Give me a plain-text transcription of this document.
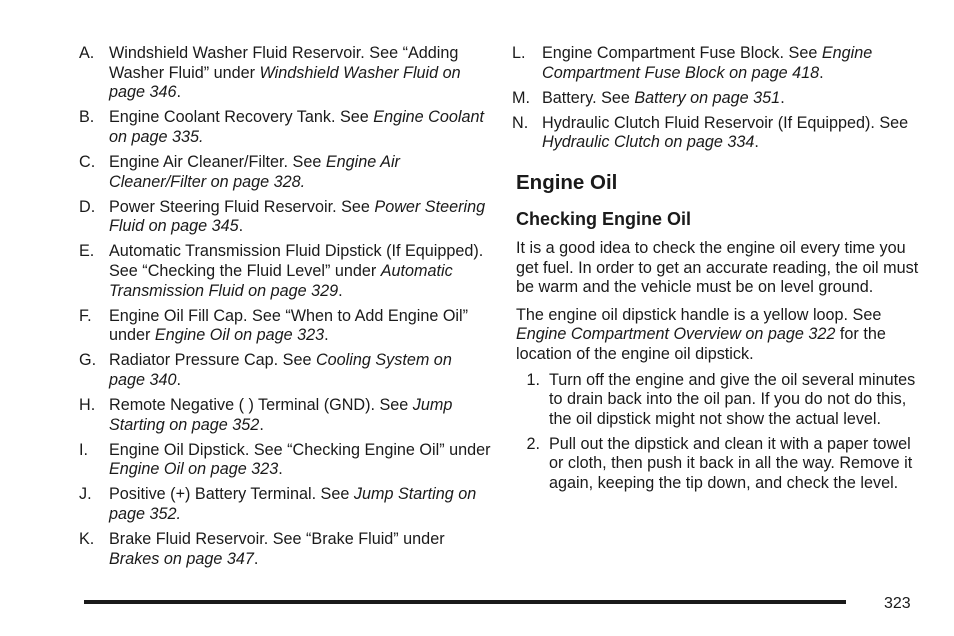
A. Windshield Washer Fluid Reservoir. See “Adding Washer Fluid” under Windshield Washer Fluid on page 346.
B. Engine Coolant Recovery Tank. See Engine Coolant on page 335.
C. Engine Air Cleaner/Filter. See Engine Air Cleaner/Filter on page 328.
D. Power Steering Fluid Reservoir. See Power Steering Fluid on page 345.
E. Automatic Transmission Fluid Dipstick (If Equipped). See “Checking the Fluid Level” under Automatic Transmission Fluid on page 329.
F.	Engine Oil Fill Cap. See “When to Add Engine Oil” under Engine Oil on page 323.
G. Radiator Pressure Cap. See Cooling System on page 340.
H. Remote Negative ( ) Terminal (GND). See Jump Starting on page 352.
I.	Engine Oil Dipstick. See “Checking Engine Oil” under Engine Oil on page 323.
J.	Positive (+) Battery Terminal. See Jump Starting on page 352.
K. Brake Fluid Reservoir. See “Brake Fluid” under Brakes on page 347.
L.	Engine Compartment Fuse Block. See Engine Compartment Fuse Block on page 418.
M. Battery. See Battery on page 351.
N. Hydraulic Clutch Fluid Reservoir (If Equipped). See Hydraulic Clutch on page 334.
Engine Oil
Checking Engine Oil
It is a good idea to check the engine oil every time you get fuel. In order to get an accurate reading, the oil must be warm and the vehicle must be on level ground.
The engine oil dipstick handle is a yellow loop. See Engine Compartment Overview on page 322 for the location of the engine oil dipstick.
1. Turn off the engine and give the oil several minutes to drain back into the oil pan. If you do not do this, the oil dipstick might not show the actual level.
2. Pull out the dipstick and clean it with a paper towel or cloth, then push it back in all the way. Remove it again, keeping the tip down, and check the level.
323
